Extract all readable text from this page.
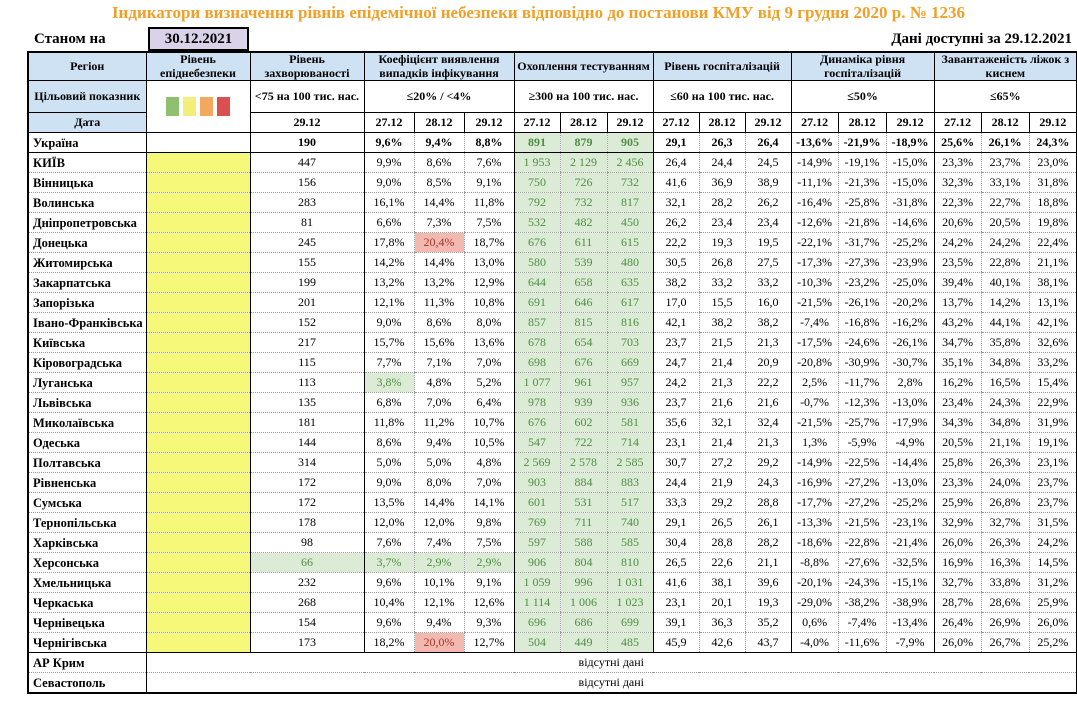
Індикатори визначення рівнів епідемічної небезпеки відповідно до постанови КМУ від 9 грудня 2020 р. № 1236
Станом на	30.12.2021	Дані доступні за 29.12.2021
Регіон	Рівень епіднебезпеки	Рівень захворюваності	Коефіцієнт виявлення випадків інфікування			Охоплення тестуванням			Рівень госпіталізацій			Динаміка рівня госпіталізацій			Завантаженість ліжок з киснем		
Цільовий показник		<75 на 100 тис. нас.	≤20% / <4%			≥300 на 100 тис. нас.			≤60 на 100 тис. нас.			≤50%			≤65%		
Дата		29.12	27.12	28.12	29.12	27.12	28.12	29.12	27.12	28.12	29.12	27.12	28.12	29.12	27.12	28.12	29.12
Україна		190	9,6%	9,4%	8,8%	891	879	905	29,1	26,3	26,4	-13,6%	-21,9%	-18,9%	25,6%	26,1%	24,3%
КИЇВ		447	9,9%	8,6%	7,6%	1 953	2 129	2 456	26,4	24,4	24,5	-14,9%	-19,1%	-15,0%	23,3%	23,7%	23,0%
Вінницька		156	9,0%	8,5%	9,1%	750	726	732	41,6	36,9	38,9	-11,1%	-21,3%	-15,0%	32,3%	33,1%	31,8%
Волинська		283	16,1%	14,4%	11,8%	792	732	817	32,1	28,2	26,2	-16,4%	-25,8%	-31,8%	22,3%	22,7%	18,8%
Дніпропетровська		81	6,6%	7,3%	7,5%	532	482	450	26,2	23,4	23,4	-12,6%	-21,8%	-14,6%	20,6%	20,5%	19,8%
Донецька		245	17,8%	20,4%	18,7%	676	611	615	22,2	19,3	19,5	-22,1%	-31,7%	-25,2%	24,2%	24,2%	22,4%
Житомирська		155	14,2%	14,4%	13,0%	580	539	480	30,5	26,8	27,5	-17,3%	-27,3%	-23,9%	23,5%	22,8%	21,1%
Закарпатська		199	13,2%	13,2%	12,9%	644	658	635	38,2	33,2	33,2	-10,3%	-23,2%	-25,0%	39,4%	40,1%	38,1%
Запорізька		201	12,1%	11,3%	10,8%	691	646	617	17,0	15,5	16,0	-21,5%	-26,1%	-20,2%	13,7%	14,2%	13,1%
Івано-Франківська		152	9,0%	8,6%	8,0%	857	815	816	42,1	38,2	38,2	-7,4%	-16,8%	-16,2%	43,2%	44,1%	42,1%
Київська		217	15,7%	15,6%	13,6%	678	654	703	23,7	21,5	21,3	-17,5%	-24,6%	-26,1%	34,7%	35,8%	32,6%
Кіровоградська		115	7,7%	7,1%	7,0%	698	676	669	24,7	21,4	20,9	-20,8%	-30,9%	-30,7%	35,1%	34,8%	33,2%
Луганська		113	3,8%	4,8%	5,2%	1 077	961	957	24,2	21,3	22,2	2,5%	-11,7%	2,8%	16,2%	16,5%	15,4%
Львівська		135	6,8%	7,0%	6,4%	978	939	936	23,7	21,6	21,6	-0,7%	-12,3%	-13,0%	23,4%	24,3%	22,9%
Миколаївська		181	11,8%	11,2%	10,7%	676	602	581	35,6	32,1	32,4	-21,5%	-25,7%	-17,9%	34,3%	34,8%	31,9%
Одеська		144	8,6%	9,4%	10,5%	547	722	714	23,1	21,4	21,3	1,3%	-5,9%	-4,9%	20,5%	21,1%	19,1%
Полтавська		314	5,0%	5,0%	4,8%	2 569	2 578	2 585	30,7	27,2	29,2	-14,9%	-22,5%	-14,4%	25,8%	26,3%	23,1%
Рівненська		172	9,0%	8,0%	7,0%	903	884	883	24,4	21,9	24,3	-16,9%	-27,2%	-13,0%	23,3%	24,0%	23,7%
Сумська		172	13,5%	14,4%	14,1%	601	531	517	33,3	29,2	28,8	-17,7%	-27,2%	-25,2%	25,9%	26,8%	23,7%
Тернопільська		178	12,0%	12,0%	9,8%	769	711	740	29,1	26,5	26,1	-13,3%	-21,5%	-23,1%	32,9%	32,7%	31,5%
Харківська		98	7,6%	7,4%	7,5%	597	588	585	30,4	28,8	28,2	-18,6%	-22,8%	-21,4%	26,0%	26,3%	24,2%
Херсонська		66	3,7%	2,9%	2,9%	906	804	810	26,5	22,6	21,1	-8,8%	-27,6%	-32,5%	16,9%	16,3%	14,5%
Хмельницька		232	9,6%	10,1%	9,1%	1 059	996	1 031	41,6	38,1	39,6	-20,1%	-24,3%	-15,1%	32,7%	33,8%	31,2%
Черкаська		268	10,4%	12,1%	12,6%	1 114	1 006	1 023	23,1	20,1	19,3	-29,0%	-38,2%	-38,9%	28,7%	28,6%	25,9%
Чернівецька		154	9,6%	9,4%	9,3%	696	686	699	39,1	36,3	35,2	0,6%	-7,4%	-13,4%	26,4%	26,9%	26,0%
Чернігівська		173	18,2%	20,0%	12,7%	504	449	485	45,9	42,6	43,7	-4,0%	-11,6%	-7,9%	26,0%	26,7%	25,2%
АР Крим	відсутні дані																
Севастополь	відсутні дані																
